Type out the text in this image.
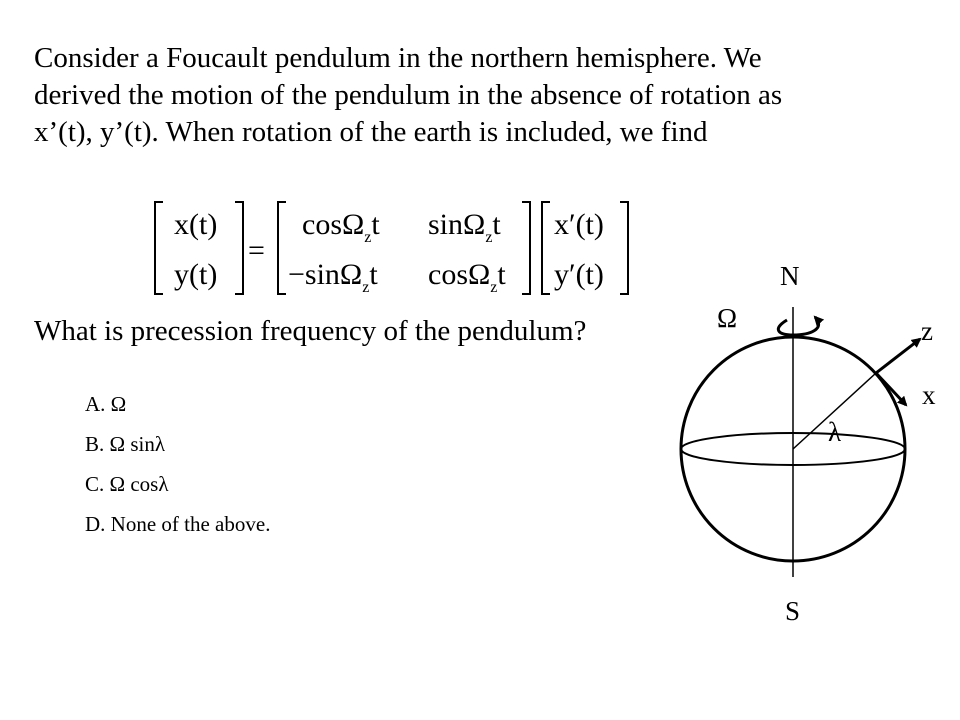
Consider a Foucault pendulum in the northern hemisphere. We
derived the motion of the pendulum in the absence of rotation as
x’(t), y’(t). When rotation of the earth is included, we find
x(t)
y(t)
=
cosΩ$_z$t sinΩ$_z$t
−sinΩ$_z$t cosΩ$_z$t
x′(t)
y′(t)

What is precession frequency of the pendulum?

A. Ω
B. Ω sinλ
C. Ω cosλ
D. None of the above.
N
Ω	z
x
λ
S
